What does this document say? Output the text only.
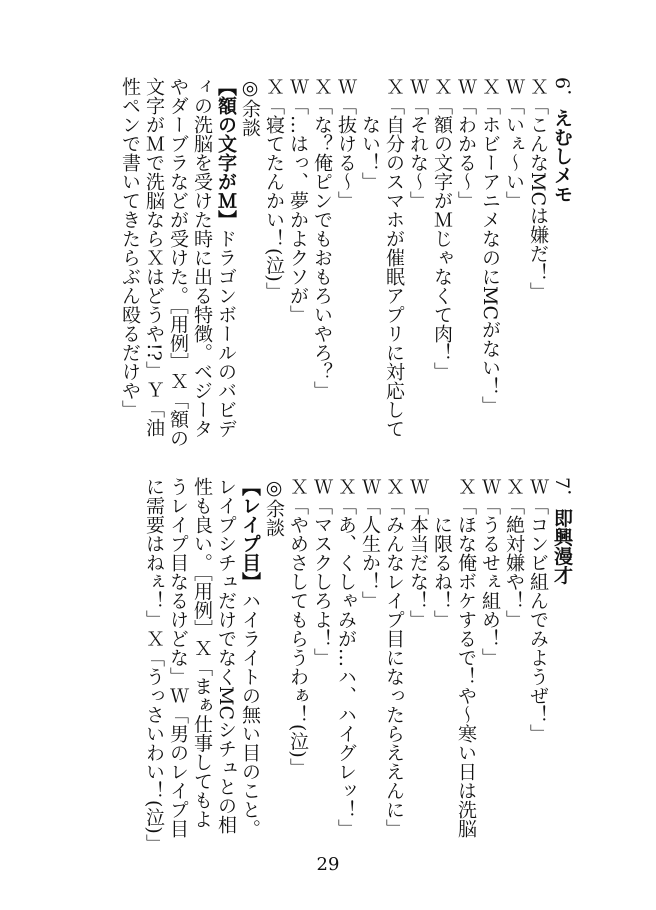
6．えむしメモ
Ｘ「こんなMCは嫌だ！」
Ｗ「いぇ〜い」
Ｘ「ホビーアニメなのにMCがない！」
Ｗ「わかる〜」
Ｘ「額の文字がＭじゃなくて肉！」
Ｗ「それな〜」
Ｘ「自分のスマホが催眠アプリに対応して
ない！」
Ｗ「抜ける〜」
Ｘ「な？俺ピンでもおもろいやろ？」
Ｗ「…はっ、夢かよクソが」
Ｘ「寝てたんかい！(泣)」
◎余談
【額の文字がＭ】ドラゴンボールのバビデ
ィの洗脳を受けた時に出る特徴。ベジータ
やダーブラなどが受けた。［用例］Ｘ「額の
文字がＭで洗脳ならＸはどうや!?」Ｙ「油
性ペンで書いてきたらぶん殴るだけや」
7．即興漫才
Ｗ「コンビ組んでみようぜ！」
Ｘ「絶対嫌や！」
Ｗ「うるせぇ組め！」
Ｘ「ほな俺ボケするで！や〜寒い日は洗脳
に限るね！」
Ｗ「本当だな！」
Ｘ「みんなレイプ目になったらええんに」
Ｗ「人生か！」
Ｘ「あ、くしゃみが…ハ、ハイグレッ！」
Ｗ「マスクしろよ！」
Ｘ「やめさしてもらうわぁ！(泣)」
◎余談
【レイプ目】ハイライトの無い目のこと。
レイプシチュだけでなくMCシチュとの相
性も良い。［用例］Ｘ「まぁ仕事してもよ
うレイプ目なるけどな」Ｗ「男のレイプ目
に需要はねぇ！」Ｘ「うっさいわい！(泣)」
29
